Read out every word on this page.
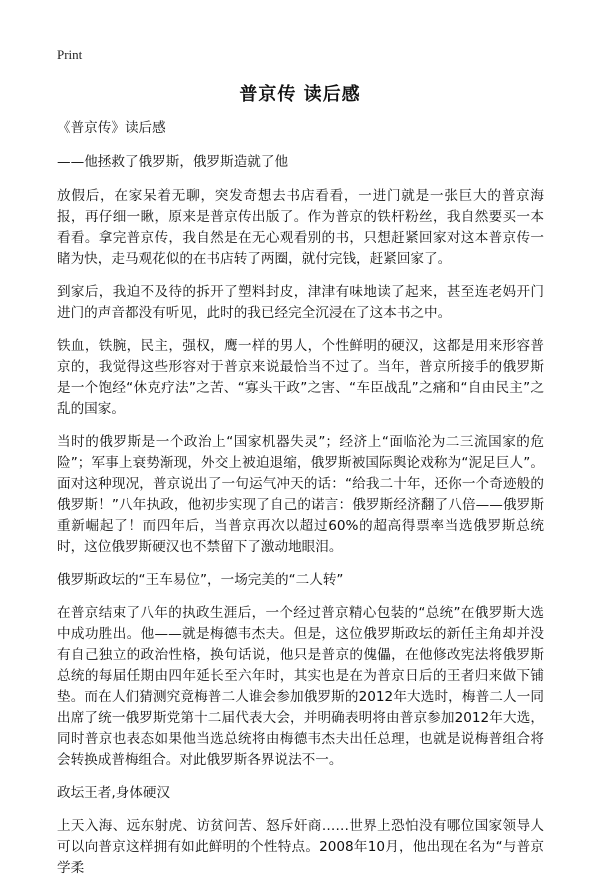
Print
普京传 读后感

《普京传》读后感

——他拯救了俄罗斯，俄罗斯造就了他

放假后，在家呆着无聊，突发奇想去书店看看，一进门就是一张巨大的普京海报，再仔细一瞅，原来是普京传出版了。作为普京的铁杆粉丝，我自然要买一本看看。拿完普京传，我自然是在无心观看别的书，只想赶紧回家对这本普京传一睹为快，走马观花似的在书店转了两圈，就付完钱，赶紧回家了。

到家后，我迫不及待的拆开了塑料封皮，津津有味地读了起来，甚至连老妈开门进门的声音都没有听见，此时的我已经完全沉浸在了这本书之中。

铁血，铁腕，民主，强权，鹰一样的男人，个性鲜明的硬汉，这都是用来形容普京的，我觉得这些形容对于普京来说最恰当不过了。当年，普京所接手的俄罗斯是一个饱经“休克疗法”之苦、“寡头干政”之害、“车臣战乱”之痛和“自由民主”之乱的国家。

当时的俄罗斯是一个政治上“国家机器失灵”；经济上“面临沦为二三流国家的危险”；军事上衰势渐现，外交上被迫退缩，俄罗斯被国际舆论戏称为“泥足巨人”。面对这种现况，普京说出了一句运气冲天的话：“给我二十年，还你一个奇迹般的俄罗斯！”八年执政，他初步实现了自己的诺言：俄罗斯经济翻了八倍——俄罗斯重新崛起了！而四年后，当普京再次以超过60%的超高得票率当选俄罗斯总统时，这位俄罗斯硬汉也不禁留下了激动地眼泪。

俄罗斯政坛的“王车易位”，一场完美的“二人转”

在普京结束了八年的执政生涯后，一个经过普京精心包装的“总统”在俄罗斯大选中成功胜出。他——就是梅德韦杰夫。但是，这位俄罗斯政坛的新任主角却并没有自己独立的政治性格，换句话说，他只是普京的傀儡，在他修改宪法将俄罗斯总统的每届任期由四年延长至六年时，其实也是在为普京日后的王者归来做下铺垫。而在人们猜测究竟梅普二人谁会参加俄罗斯的2012年大选时，梅普二人一同出席了统一俄罗斯党第十二届代表大会，并明确表明将由普京参加2012年大选，同时普京也表态如果他当选总统将由梅德韦杰夫出任总理，也就是说梅普组合将会转换成普梅组合。对此俄罗斯各界说法不一。

政坛王者,身体硬汉

上天入海、远东射虎、访贫问苦、怒斥奸商……世界上恐怕没有哪位国家领导人可以向普京这样拥有如此鲜明的个性特点。2008年10月，他出现在名为“与普京学柔
